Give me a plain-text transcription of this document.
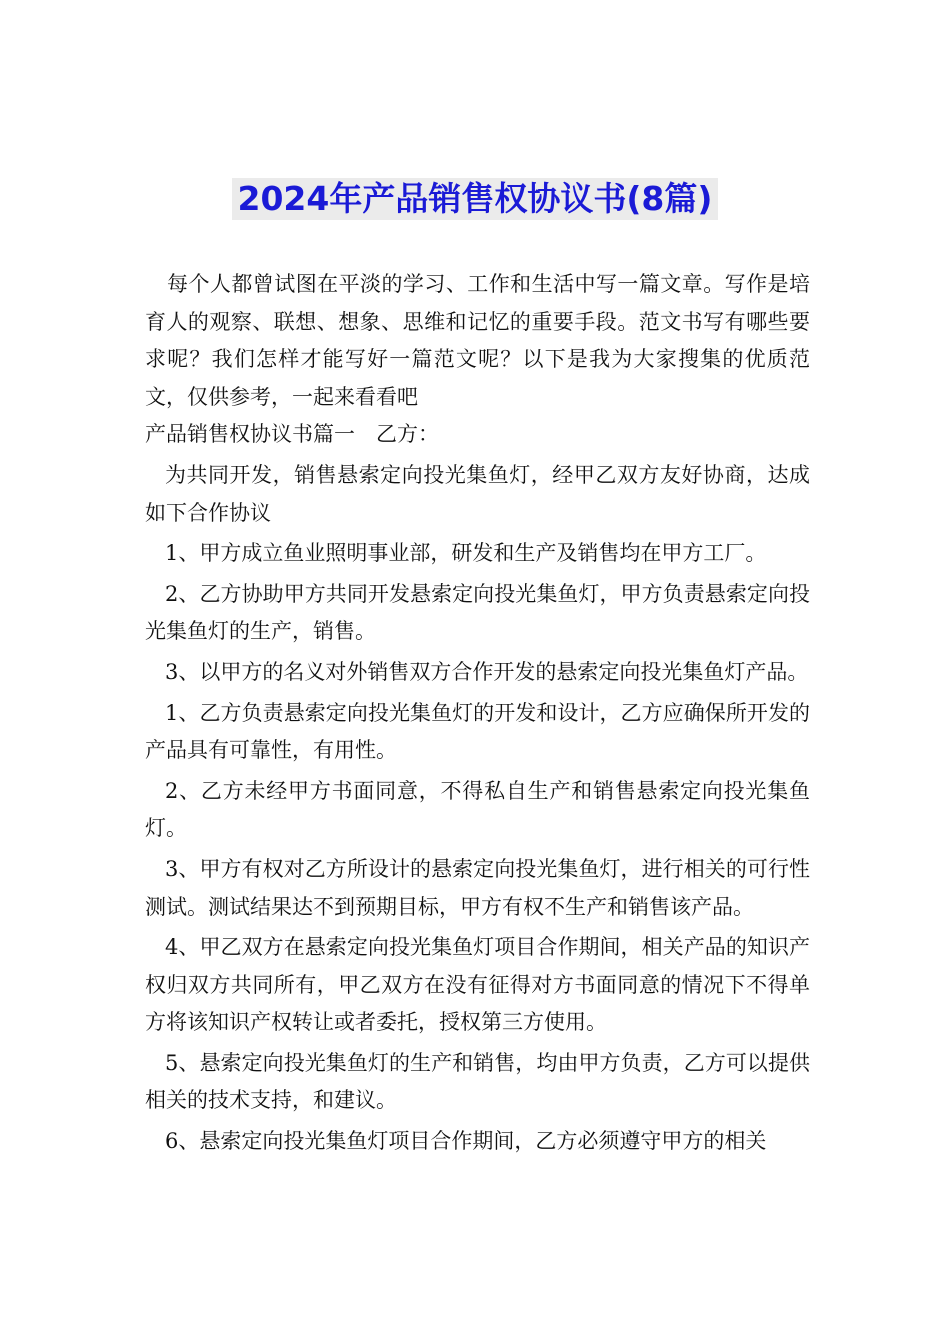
2024年产品销售权协议书(8篇)

每个人都曾试图在平淡的学习、工作和生活中写一篇文章。写作是培育人的观察、联想、想象、思维和记忆的重要手段。范文书写有哪些要求呢？我们怎样才能写好一篇范文呢？以下是我为大家搜集的优质范文，仅供参考，一起来看看吧

产品销售权协议书篇一　乙方：

为共同开发，销售悬索定向投光集鱼灯，经甲乙双方友好协商，达成如下合作协议

1、甲方成立鱼业照明事业部，研发和生产及销售均在甲方工厂。

2、乙方协助甲方共同开发悬索定向投光集鱼灯，甲方负责悬索定向投光集鱼灯的生产，销售。

3、以甲方的名义对外销售双方合作开发的悬索定向投光集鱼灯产品。

1、乙方负责悬索定向投光集鱼灯的开发和设计，乙方应确保所开发的产品具有可靠性，有用性。

2、乙方未经甲方书面同意，不得私自生产和销售悬索定向投光集鱼灯。

3、甲方有权对乙方所设计的悬索定向投光集鱼灯，进行相关的可行性测试。测试结果达不到预期目标，甲方有权不生产和销售该产品。

4、甲乙双方在悬索定向投光集鱼灯项目合作期间，相关产品的知识产权归双方共同所有，甲乙双方在没有征得对方书面同意的情况下不得单方将该知识产权转让或者委托，授权第三方使用。

5、悬索定向投光集鱼灯的生产和销售，均由甲方负责，乙方可以提供相关的技术支持，和建议。

6、悬索定向投光集鱼灯项目合作期间，乙方必须遵守甲方的相关
